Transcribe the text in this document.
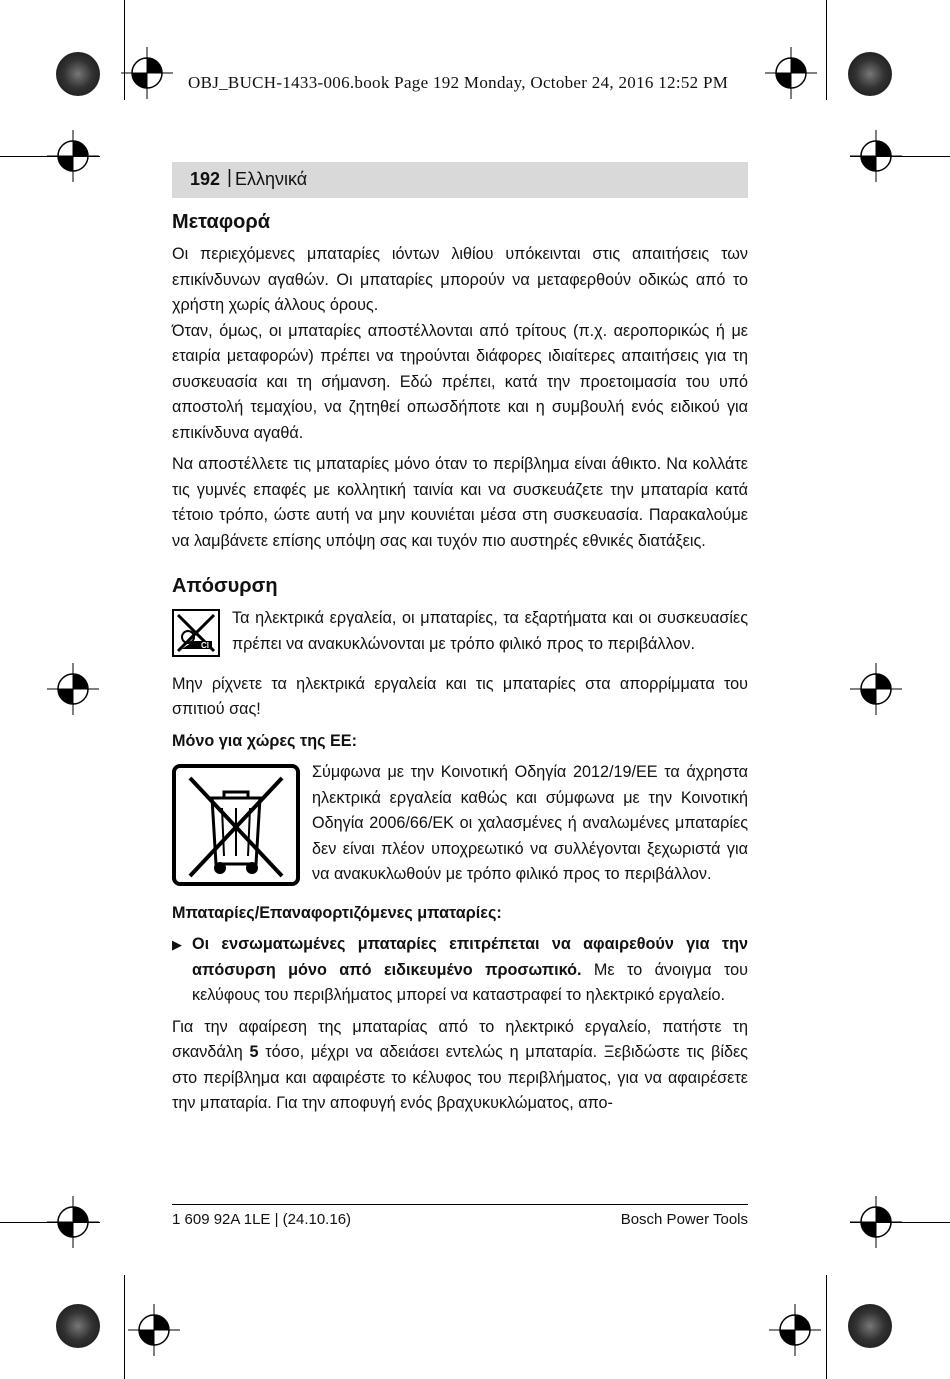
OBJ_BUCH-1433-006.book Page 192 Monday, October 24, 2016 12:52 PM
192 | Ελληνικά
Μεταφορά

Οι περιεχόμενες μπαταρίες ιόντων λιθίου υπόκεινται στις απαιτήσεις των επικίνδυνων αγαθών. Οι μπαταρίες μπορούν να μεταφερθούν οδικώς από το χρήστη χωρίς άλλους όρους.

Όταν, όμως, οι μπαταρίες αποστέλλονται από τρίτους (π.χ. αεροπορικώς ή με εταιρία μεταφορών) πρέπει να τηρούνται διάφορες ιδιαίτερες απαιτήσεις για τη συσκευασία και τη σήμανση. Εδώ πρέπει, κατά την προετοιμασία του υπό αποστολή τεμαχίου, να ζητηθεί οπωσδήποτε και η συμβουλή ενός ειδικού για επικίνδυνα αγαθά.

Να αποστέλλετε τις μπαταρίες μόνο όταν το περίβλημα είναι άθικτο. Να κολλάτε τις γυμνές επαφές με κολλητική ταινία και να συσκευάζετε την μπαταρία κατά τέτοιο τρόπο, ώστε αυτή να μην κουνιέται μέσα στη συσκευασία. Παρακαλούμε να λαμβάνετε επίσης υπόψη σας και τυχόν πιο αυστηρές εθνικές διατάξεις.

Απόσυρση
Cl

Τα ηλεκτρικά εργαλεία, οι μπαταρίες, τα εξαρτήματα και οι συσκευασίες πρέπει να ανακυκλώνονται με τρόπο φιλικό προς το περιβάλλον.

Μην ρίχνετε τα ηλεκτρικά εργαλεία και τις μπαταρίες στα απορρίμματα του σπιτιού σας!

Μόνο για χώρες της ΕΕ:

Σύμφωνα με την Κοινοτική Οδηγία 2012/19/ΕΕ τα άχρηστα ηλεκτρικά εργαλεία καθώς και σύμφωνα με την Κοινοτική Οδηγία 2006/66/ΕΚ οι χαλασμένες ή αναλωμένες μπαταρίες δεν είναι πλέον υποχρεωτικό να συλλέγονται ξεχωριστά για να ανακυκλωθούν με τρόπο φιλικό προς το περιβάλλον.

Μπαταρίες/Επαναφορτιζόμενες μπαταρίες:

▶ Οι ενσωματωμένες μπαταρίες επιτρέπεται να αφαιρεθούν για την απόσυρση μόνο από ειδικευμένο προσωπικό. Με το άνοιγμα του κελύφους του περιβλήματος μπορεί να καταστραφεί το ηλεκτρικό εργαλείο.

Για την αφαίρεση της μπαταρίας από το ηλεκτρικό εργαλείο, πατήστε τη σκανδάλη 5 τόσο, μέχρι να αδειάσει εντελώς η μπαταρία. Ξεβιδώστε τις βίδες στο περίβλημα και αφαιρέστε το κέλυφος του περιβλήματος, για να αφαιρέσετε την μπαταρία. Για την αποφυγή ενός βραχυκυκλώματος, απο-

1 609 92A 1LE | (24.10.16)	Bosch Power Tools
